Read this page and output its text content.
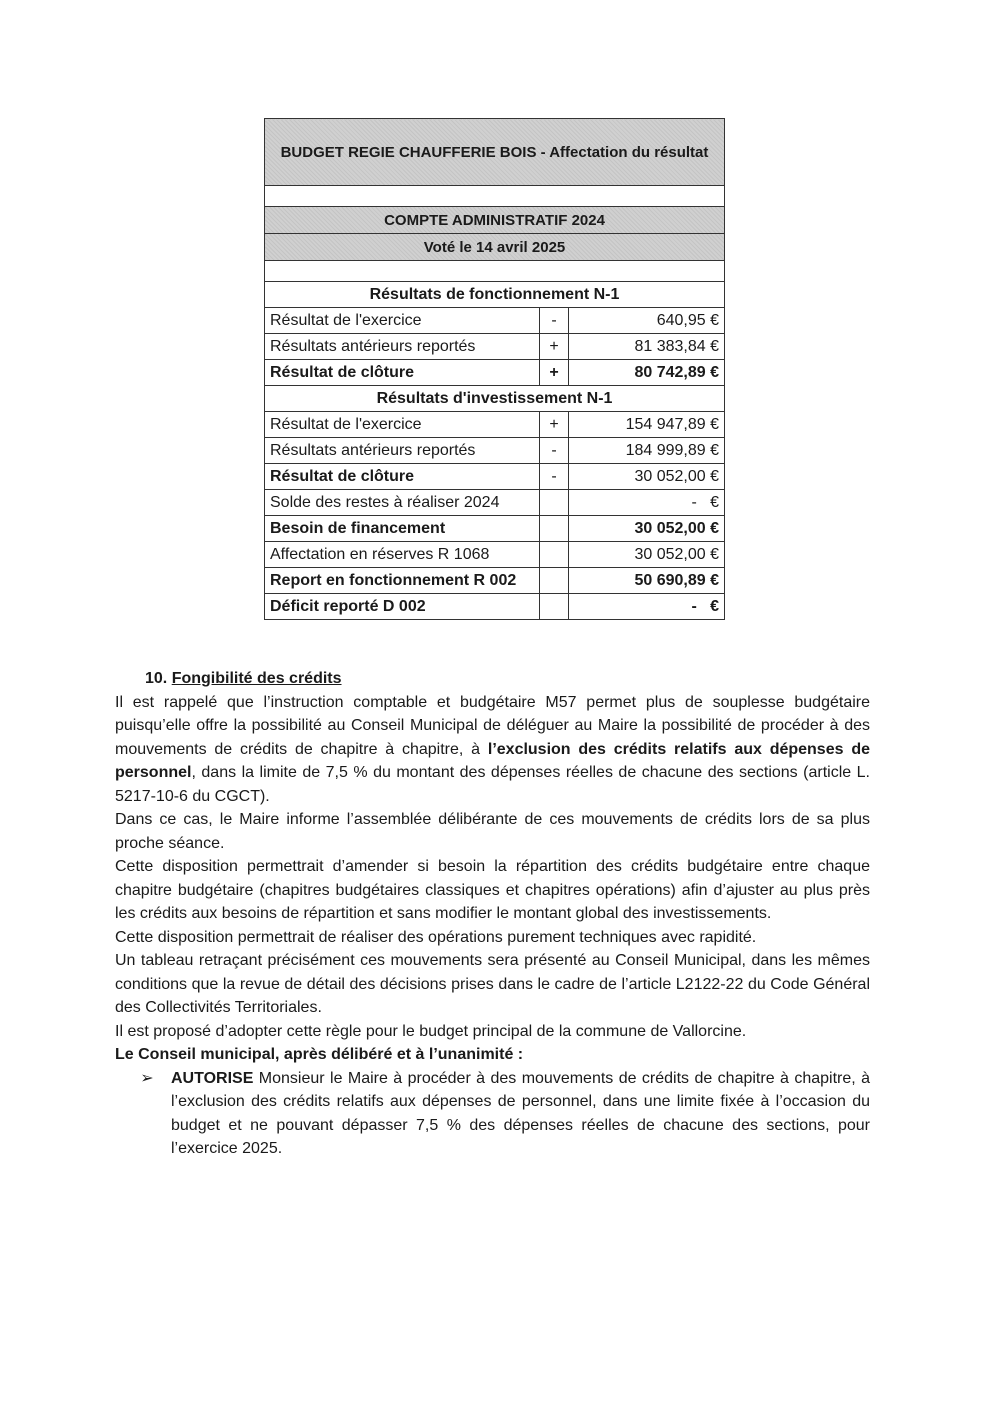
BUDGET REGIE CHAUFFERIE BOIS - Affectation du résultat		

COMPTE ADMINISTRATIF 2024		
Voté le 14 avril 2025		

Résultats de fonctionnement N-1		
Résultat de l'exercice	-	640,95 €
Résultats antérieurs reportés	+	81 383,84 €
Résultat de clôture	+	80 742,89 €
Résultats d'investissement N-1		
Résultat de l'exercice	+	154 947,89 €
Résultats antérieurs reportés	-	184 999,89 €
Résultat de clôture	-	30 052,00 €
Solde des restes à réaliser 2024		-   €
Besoin de financement		30 052,00 €
Affectation en réserves R 1068		30 052,00 €
Report en fonctionnement R 002		50 690,89 €
Déficit reporté D 002		-   €

10. Fongibilité des crédits

Il est rappelé que l’instruction comptable et budgétaire M57 permet plus de souplesse budgétaire puisqu’elle offre la possibilité au Conseil Municipal de déléguer au Maire la possibilité de procéder à des mouvements de crédits de chapitre à chapitre, à l’exclusion des crédits relatifs aux dépenses de personnel, dans la limite de 7,5 % du montant des dépenses réelles de chacune des sections (article L. 5217-10-6 du CGCT).

Dans ce cas, le Maire informe l’assemblée délibérante de ces mouvements de crédits lors de sa plus proche séance.

Cette disposition permettrait d’amender si besoin la répartition des crédits budgétaire entre chaque chapitre budgétaire (chapitres budgétaires classiques et chapitres opérations) afin d’ajuster au plus près les crédits aux besoins de répartition et sans modifier le montant global des investissements.

Cette disposition permettrait de réaliser des opérations purement techniques avec rapidité.

Un tableau retraçant précisément ces mouvements sera présenté au Conseil Municipal, dans les mêmes conditions que la revue de détail des décisions prises dans le cadre de l’article L2122-22 du Code Général des Collectivités Territoriales.

Il est proposé d’adopter cette règle pour le budget principal de la commune de Vallorcine.

Le Conseil municipal, après délibéré et à l’unanimité :

➢	AUTORISE Monsieur le Maire à procéder à des mouvements de crédits de chapitre à chapitre, à l’exclusion des crédits relatifs aux dépenses de personnel, dans une limite fixée à l’occasion du budget et ne pouvant dépasser 7,5 % des dépenses réelles de chacune des sections, pour l’exercice 2025.
